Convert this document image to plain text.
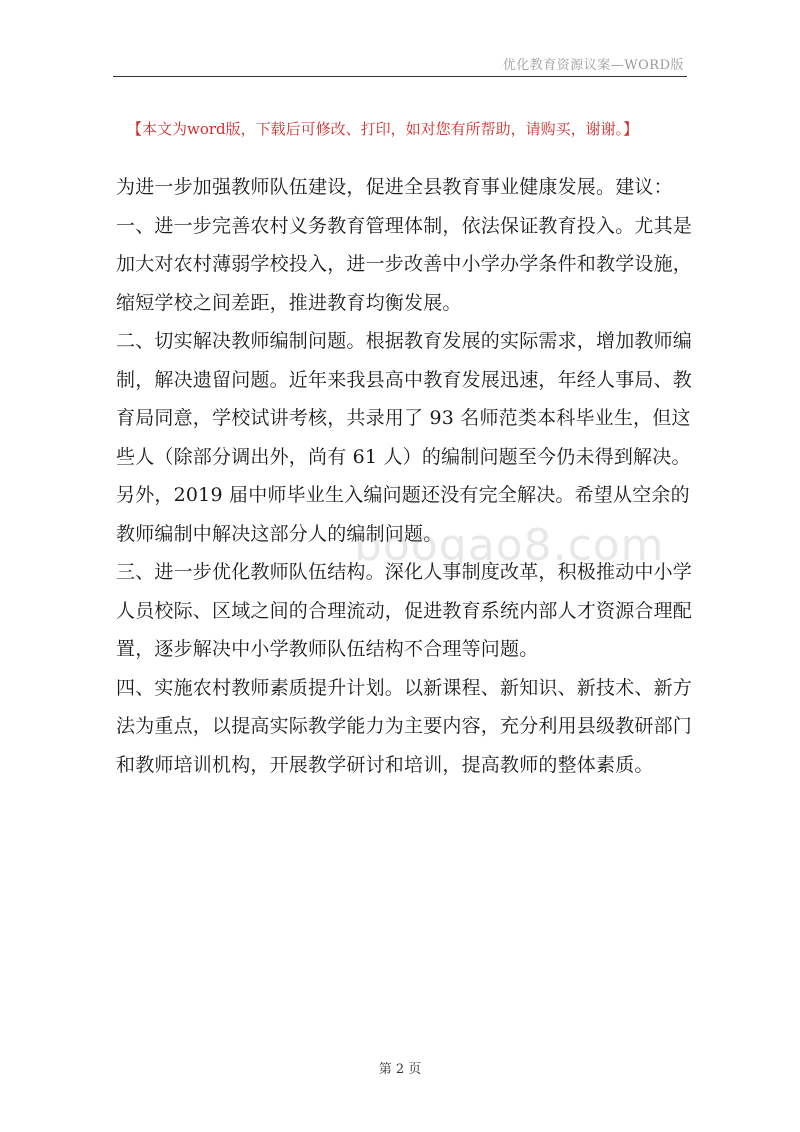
优化教育资源议案—WORD版
【本文为word版，下载后可修改、打印，如对您有所帮助，请购买，谢谢。】
为进一步加强教师队伍建设，促进全县教育事业健康发展。建议：
一、进一步完善农村义务教育管理体制，依法保证教育投入。尤其是
加大对农村薄弱学校投入，进一步改善中小学办学条件和教学设施，
缩短学校之间差距，推进教育均衡发展。
二、切实解决教师编制问题。根据教育发展的实际需求，增加教师编
制，解决遗留问题。近年来我县高中教育发展迅速，年经人事局、教
育局同意，学校试讲考核，共录用了 93 名师范类本科毕业生，但这
些人（除部分调出外，尚有 61 人）的编制问题至今仍未得到解决。
另外，2019 届中师毕业生入编问题还没有完全解决。希望从空余的
教师编制中解决这部分人的编制问题。
三、进一步优化教师队伍结构。深化人事制度改革，积极推动中小学
人员校际、区域之间的合理流动，促进教育系统内部人才资源合理配
置，逐步解决中小学教师队伍结构不合理等问题。
四、实施农村教师素质提升计划。以新课程、新知识、新技术、新方
法为重点，以提高实际教学能力为主要内容，充分利用县级教研部门
和教师培训机构，开展教学研讨和培训，提高教师的整体素质。
boogao8.com
第 2 页
